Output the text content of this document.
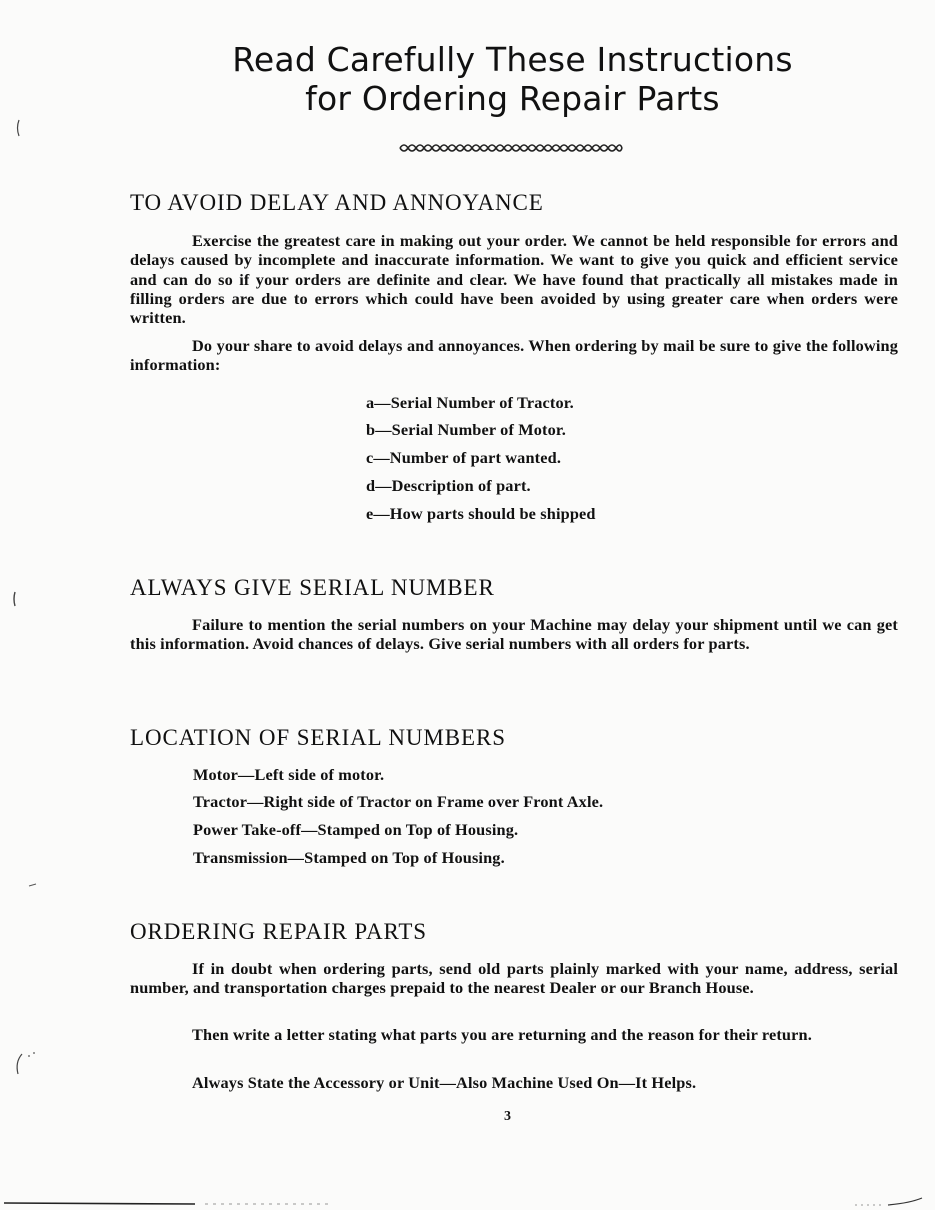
Read Carefully These Instructions
for Ordering Repair Parts
TO AVOID DELAY AND ANNOYANCE
Exercise the greatest care in making out your order. We cannot be held responsible for errors and delays caused by incomplete and inaccurate information. We want to give you quick and efficient service and can do so if your orders are definite and clear. We have found that practically all mistakes made in filling orders are due to errors which could have been avoided by using greater care when orders were written.
Do your share to avoid delays and annoyances. When ordering by mail be sure to give the following information:
a—Serial Number of Tractor.
b—Serial Number of Motor.
c—Number of part wanted.
d—Description of part.
e—How parts should be shipped
ALWAYS GIVE SERIAL NUMBER
Failure to mention the serial numbers on your Machine may delay your shipment until we can get this information. Avoid chances of delays. Give serial numbers with all orders for parts.
LOCATION OF SERIAL NUMBERS
Motor—Left side of motor.
Tractor—Right side of Tractor on Frame over Front Axle.
Power Take-off—Stamped on Top of Housing.
Transmission—Stamped on Top of Housing.
ORDERING REPAIR PARTS
If in doubt when ordering parts, send old parts plainly marked with your name, address, serial number, and transportation charges prepaid to the nearest Dealer or our Branch House.
Then write a letter stating what parts you are returning and the reason for their return.
Always State the Accessory or Unit—Also Machine Used On—It Helps.
3
